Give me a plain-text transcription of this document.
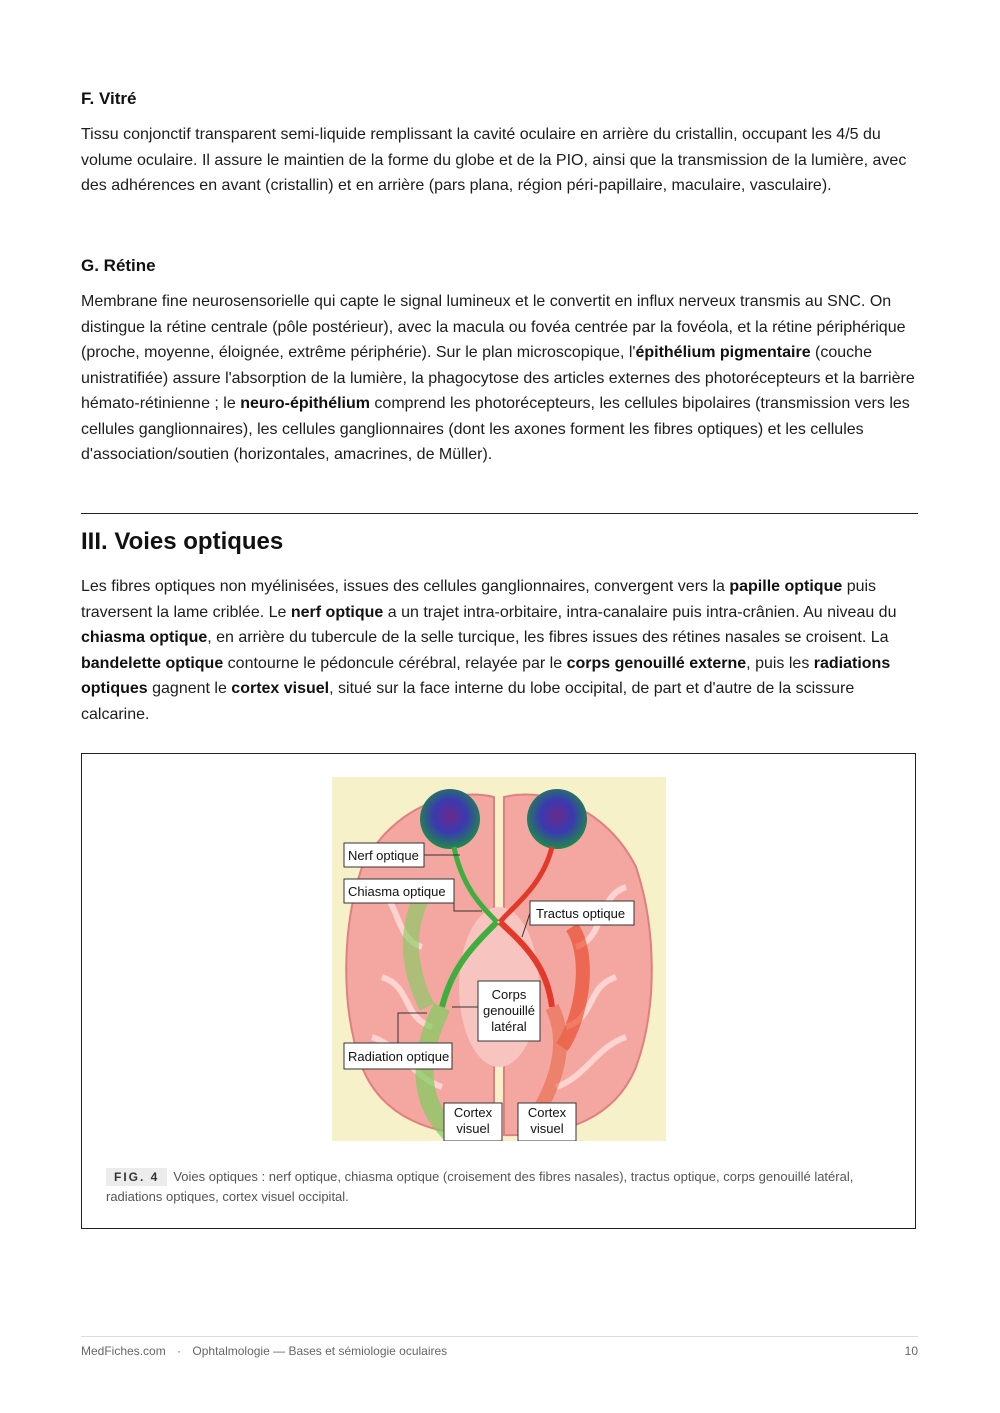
F. Vitré

Tissu conjonctif transparent semi-liquide remplissant la cavité oculaire en arrière du cristallin, occupant les 4/5 du volume oculaire. Il assure le maintien de la forme du globe et de la PIO, ainsi que la transmission de la lumière, avec des adhérences en avant (cristallin) et en arrière (pars plana, région péri-papillaire, maculaire, vasculaire).

G. Rétine

Membrane fine neurosensorielle qui capte le signal lumineux et le convertit en influx nerveux transmis au SNC. On distingue la rétine centrale (pôle postérieur), avec la macula ou fovéa centrée par la fovéola, et la rétine périphérique (proche, moyenne, éloignée, extrême périphérie). Sur le plan microscopique, l'épithélium pigmentaire (couche unistratifiée) assure l'absorption de la lumière, la phagocytose des articles externes des photorécepteurs et la barrière hémato-rétinienne ; le neuro-épithélium comprend les photorécepteurs, les cellules bipolaires (transmission vers les cellules ganglionnaires), les cellules ganglionnaires (dont les axones forment les fibres optiques) et les cellules d'association/soutien (horizontales, amacrines, de Müller).

III. Voies optiques

Les fibres optiques non myélinisées, issues des cellules ganglionnaires, convergent vers la papille optique puis traversent la lame criblée. Le nerf optique a un trajet intra-orbitaire, intra-canalaire puis intra-crânien. Au niveau du chiasma optique, en arrière du tubercule de la selle turcique, les fibres issues des rétines nasales se croisent. La bandelette optique contourne le pédoncule cérébral, relayée par le corps genouillé externe, puis les radiations optiques gagnent le cortex visuel, situé sur la face interne du lobe occipital, de part et d'autre de la scissure calcarine.

Nerf optique
Chiasma optique
Tractus optique
Corps
genouillé
latéral
Radiation optique
Cortex
visuel
Cortex
visuel
FIG. 4 Voies optiques : nerf optique, chiasma optique (croisement des fibres nasales), tractus optique, corps genouillé latéral, radiations optiques, cortex visuel occipital.
MedFiches.com · Ophtalmologie — Bases et sémiologie oculaires	10
